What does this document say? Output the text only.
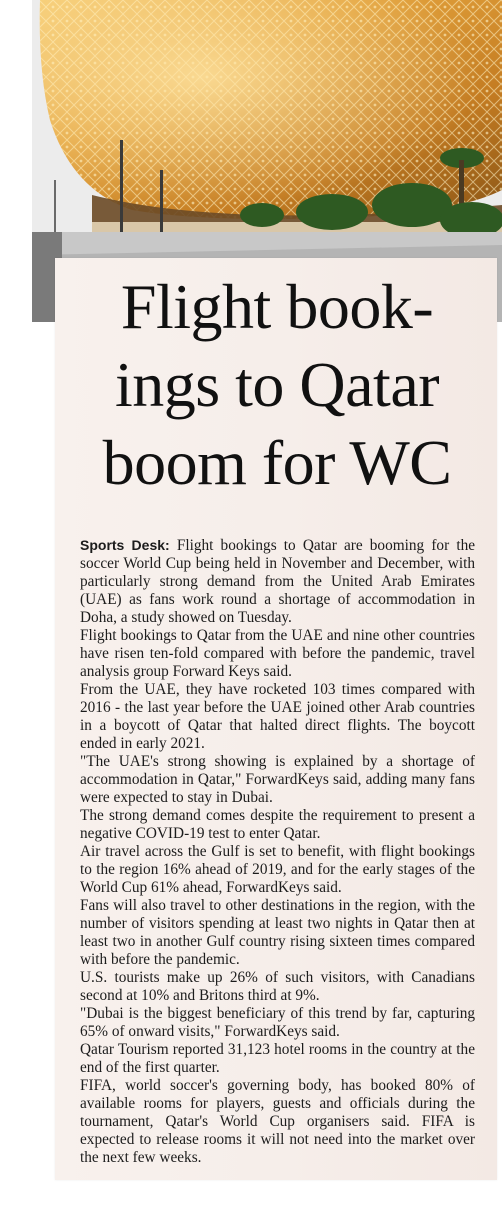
Flight book-
ings to Qatar
boom for WC

Sports Desk: Flight bookings to Qatar are booming for the soccer World Cup being held in November and December, with particularly strong demand from the United Arab Emirates (UAE) as fans work round a shortage of accommodation in Doha, a study showed on Tuesday.

Flight bookings to Qatar from the UAE and nine other countries have risen ten-fold compared with before the pandemic, travel analysis group Forward Keys said.

From the UAE, they have rocketed 103 times compared with 2016 - the last year before the UAE joined other Arab countries in a boycott of Qatar that halted direct flights. The boycott ended in early 2021.

"The UAE's strong showing is explained by a shortage of accommodation in Qatar," ForwardKeys said, adding many fans were expected to stay in Dubai.

The strong demand comes despite the requirement to present a negative COVID-19 test to enter Qatar.

Air travel across the Gulf is set to benefit, with flight bookings to the region 16% ahead of 2019, and for the early stages of the World Cup 61% ahead, ForwardKeys said.

Fans will also travel to other destinations in the region, with the number of visitors spending at least two nights in Qatar then at least two in another Gulf country rising sixteen times compared with before the pandemic.

U.S. tourists make up 26% of such visitors, with Canadians second at 10% and Britons third at 9%.

"Dubai is the biggest beneficiary of this trend by far, capturing 65% of onward visits," ForwardKeys said.

Qatar Tourism reported 31,123 hotel rooms in the country at the end of the first quarter.

FIFA, world soccer's governing body, has booked 80% of available rooms for players, guests and officials during the tournament, Qatar's World Cup organisers said. FIFA is expected to release rooms it will not need into the market over the next few weeks.
